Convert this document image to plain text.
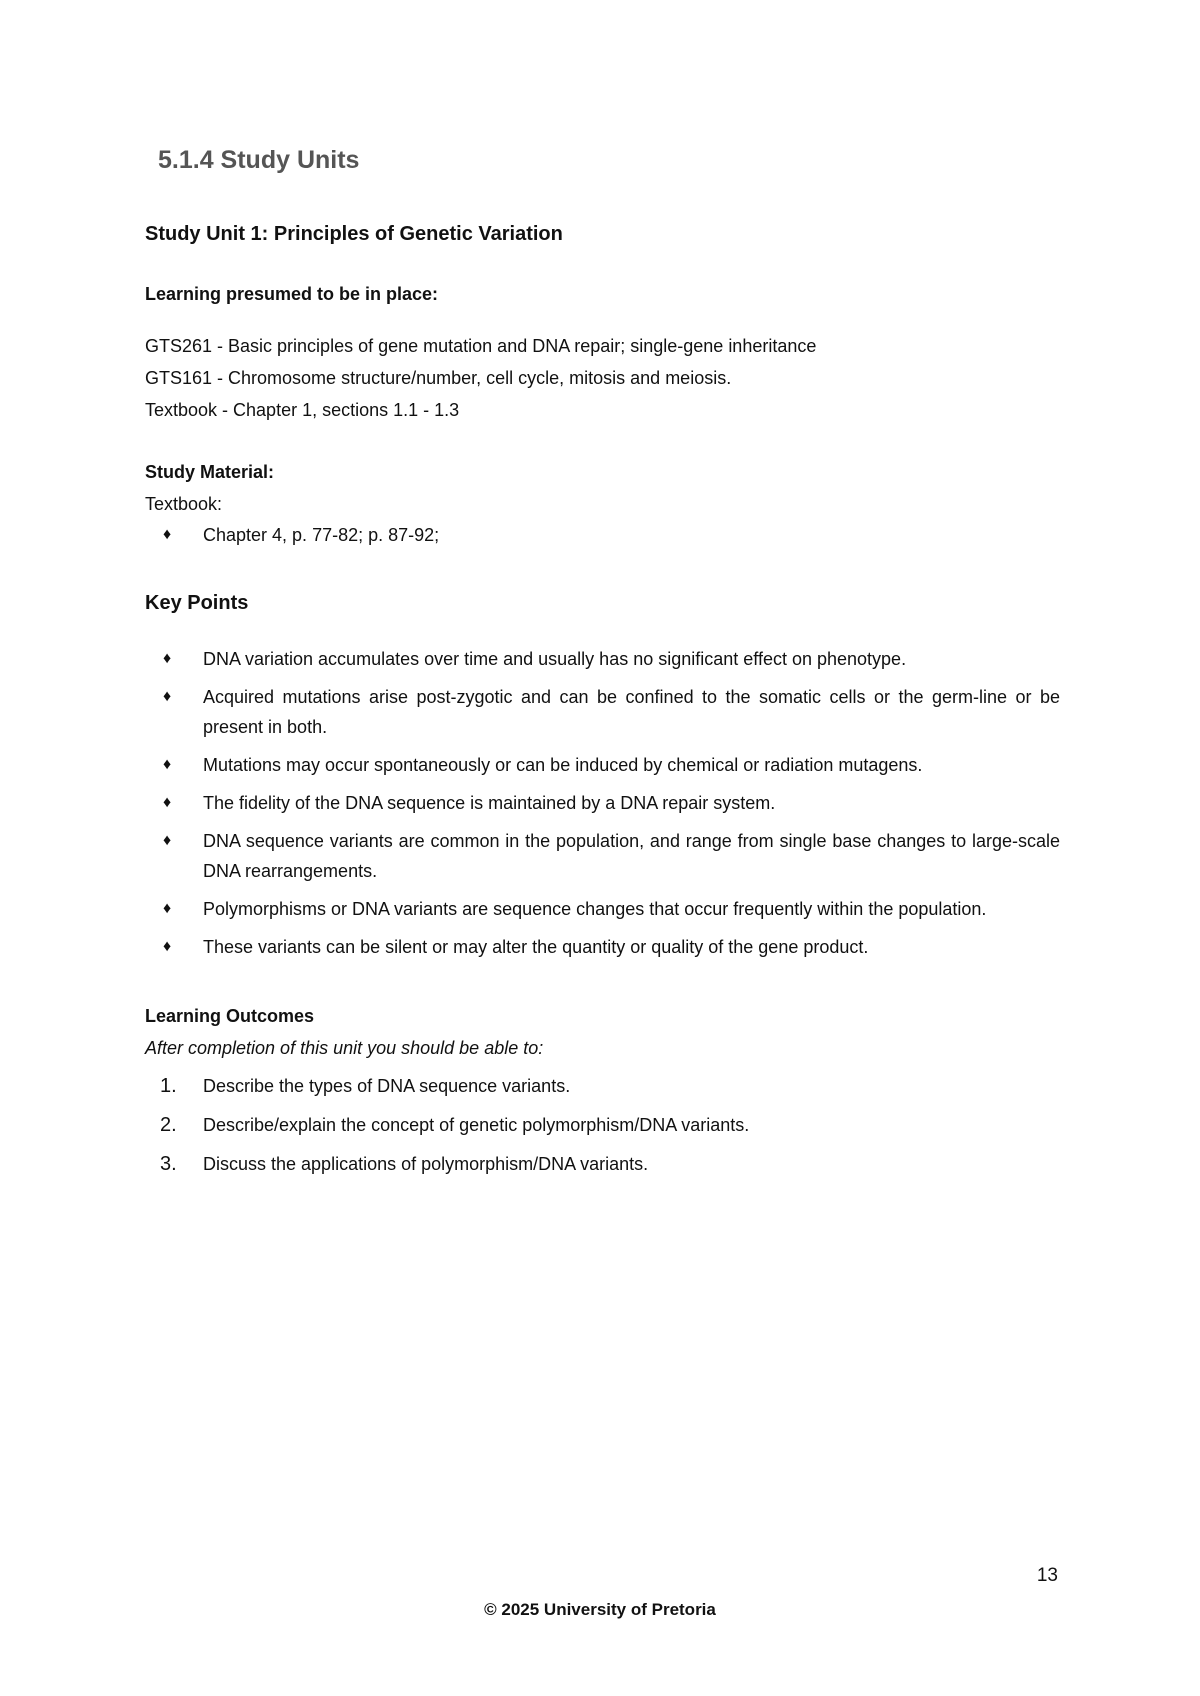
5.1.4 Study Units
Study Unit 1: Principles of Genetic Variation

Learning presumed to be in place:

GTS261 - Basic principles of gene mutation and DNA repair; single-gene inheritance
GTS161 - Chromosome structure/number, cell cycle, mitosis and meiosis.
Textbook - Chapter 1, sections 1.1 - 1.3

Study Material:

Textbook:

♦ Chapter 4, p. 77-82; p. 87-92;
Key Points
♦ DNA variation accumulates over time and usually has no significant effect on phenotype.
♦ Acquired mutations arise post-zygotic and can be confined to the somatic cells or the germ-line or be present in both.
♦ Mutations may occur spontaneously or can be induced by chemical or radiation mutagens.
♦ The fidelity of the DNA sequence is maintained by a DNA repair system.
♦ DNA sequence variants are common in the population, and range from single base changes to large-scale DNA rearrangements.
♦ Polymorphisms or DNA variants are sequence changes that occur frequently within the population.
♦ These variants can be silent or may alter the quantity or quality of the gene product.

Learning Outcomes

After completion of this unit you should be able to:

1. Describe the types of DNA sequence variants.
2. Describe/explain the concept of genetic polymorphism/DNA variants.
3. Discuss the applications of polymorphism/DNA variants.

13

© 2025 University of Pretoria
